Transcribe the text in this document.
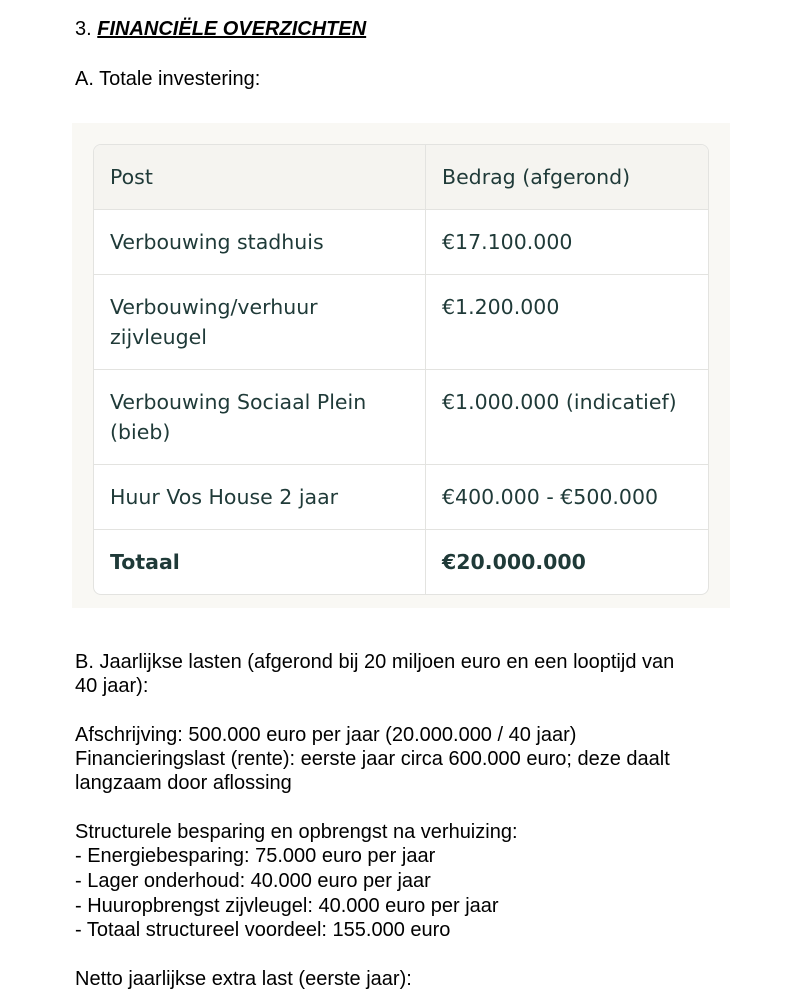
3. FINANCIËLE OVERZICHTEN
A. Totale investering:
Post	Bedrag (afgerond)
Verbouwing stadhuis	€17.100.000

Verbouwing/verhuur zijvleugel	€1.200.000

Verbouwing Sociaal Plein (bieb)	€1.000.000 (indicatief)
Huur Vos House 2 jaar	€400.000 - €500.000
Totaal	€20.000.000
B. Jaarlijkse lasten (afgerond bij 20 miljoen euro en een looptijd van
40 jaar):
Afschrijving: 500.000 euro per jaar (20.000.000 / 40 jaar)
Financieringslast (rente): eerste jaar circa 600.000 euro; deze daalt
langzaam door aflossing
Structurele besparing en opbrengst na verhuizing:
- Energiebesparing: 75.000 euro per jaar
- Lager onderhoud: 40.000 euro per jaar
- Huuropbrengst zijvleugel: 40.000 euro per jaar
- Totaal structureel voordeel: 155.000 euro
Netto jaarlijkse extra last (eerste jaar):
